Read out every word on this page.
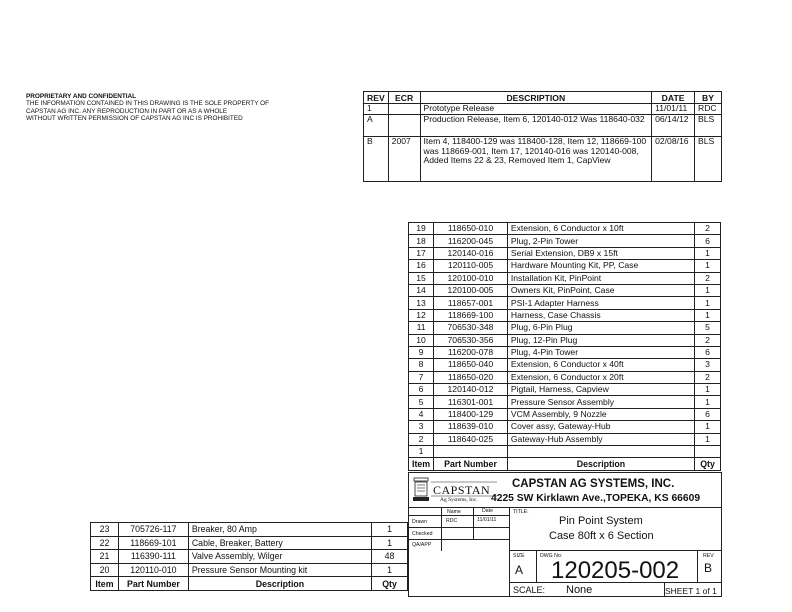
PROPRIETARY AND CONFIDENTIAL
THE INFORMATION CONTAINED IN THIS DRAWING IS THE SOLE PROPERTY OF
CAPSTAN AG INC. ANY REPRODUCTION IN PART OR AS A WHOLE
WITHOUT WRITTEN PERMISSION OF CAPSTAN AG INC IS PROHIBITED
REV	ECR	DESCRIPTION	DATE	BY
1		Prototype Release	11/01/11	RDC
A		Production Release, Item 6, 120140-012 Was 118640-032	06/14/12	BLS
B	2007	Item 4, 118400-129 was 118400-128, Item 12, 118669-100 was 118669-001, Item 17, 120140-016 was 120140-008, Added Items 22 & 23, Removed Item 1, CapView	02/08/16	BLS
19	118650-010	Extension, 6 Conductor x 10ft	2
18	116200-045	Plug, 2-Pin Tower	6
17	120140-016	Serial Extension, DB9 x 15ft	1
16	120110-005	Hardware Mounting Kit, PP, Case	1
15	120100-010	Installation Kit, PinPoint	2
14	120100-005	Owners Kit, PinPoint, Case	1
13	118657-001	PSI-1 Adapter Harness	1
12	118669-100	Harness, Case Chassis	1
11	706530-348	Plug, 6-Pin Plug	5
10	706530-356	Plug, 12-Pin Plug	2
9	116200-078	Plug, 4-Pin Tower	6
8	118650-040	Extension, 6 Conductor x 40ft	3
7	118650-020	Extension, 6 Conductor x 20ft	2
6	120140-012	Pigtail, Harness, Capview	1
5	116301-001	Pressure Sensor Assembly	1
4	118400-129	VCM Assembly, 9 Nozzle	6
3	118639-010	Cover assy, Gateway-Hub	1
2	118640-025	Gateway-Hub Assembly	1
1			
Item	Part Number	Description	Qty
23	705726-117	Breaker, 80 Amp	1
22	118669-101	Cable, Breaker, Battery	1
21	116390-111	Valve Assembly, Wilger	48
20	120110-010	Pressure Sensor Mounting kit	1
Item	Part Number	Description	Qty
CAPSTAN
Ag Systems, Inc.
CAPSTAN AG SYSTEMS, INC.
4225 SW Kirklawn Ave.,TOPEKA, KS 66609
Name	Date	TITLE:
Drawn	RDC	11/01/11
Checked
QA/APP
Pin Point System
Case 80ft x 6 Section
SIZE
A
DWG No:
120205-002
REV
B
SCALE: None	SHEET 1 of 1
